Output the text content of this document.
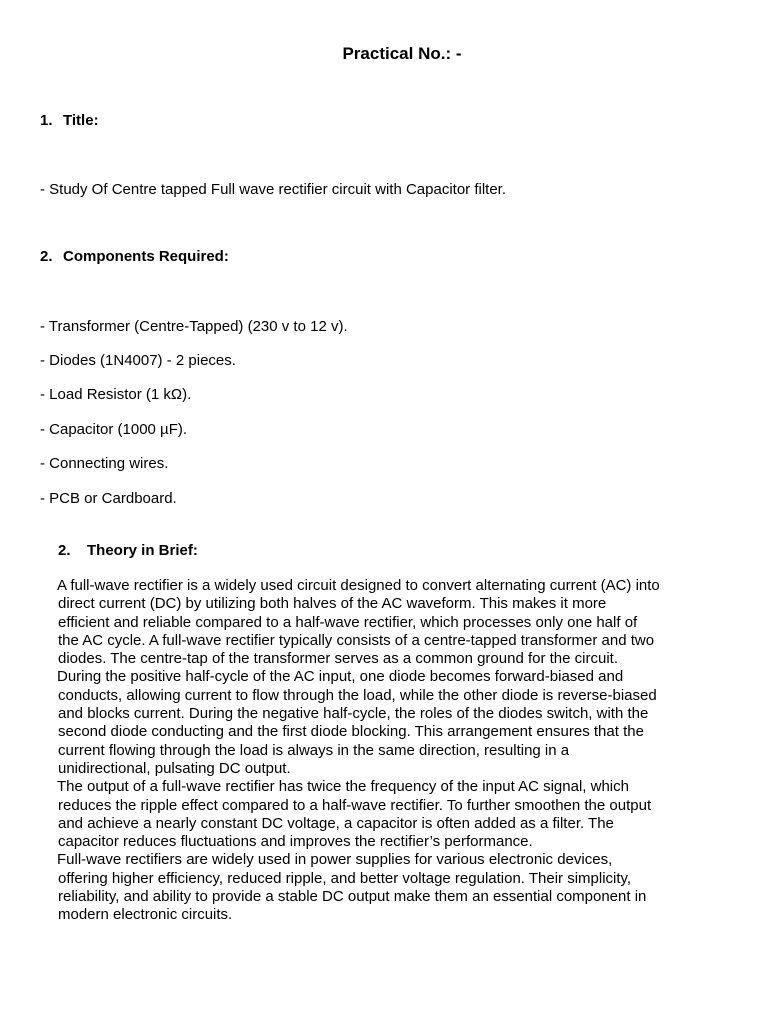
Practical No.: -
1. Title:
- Study Of Centre tapped Full wave rectifier circuit with Capacitor filter.
2. Components Required:
- Transformer (Centre-Tapped) (230 v to 12 v).
- Diodes (1N4007) - 2 pieces.
- Load Resistor (1 kΩ).
- Capacitor (1000 µF).
- Connecting wires.
- PCB or Cardboard.
2. Theory in Brief:

A full-wave rectifier is a widely used circuit designed to convert alternating current (AC) into

direct current (DC) by utilizing both halves of the AC waveform. This makes it more

efficient and reliable compared to a half-wave rectifier, which processes only one half of

the AC cycle. A full-wave rectifier typically consists of a centre-tapped transformer and two

diodes. The centre-tap of the transformer serves as a common ground for the circuit.

During the positive half-cycle of the AC input, one diode becomes forward-biased and

conducts, allowing current to flow through the load, while the other diode is reverse-biased

and blocks current. During the negative half-cycle, the roles of the diodes switch, with the

second diode conducting and the first diode blocking. This arrangement ensures that the

current flowing through the load is always in the same direction, resulting in a

unidirectional, pulsating DC output.

The output of a full-wave rectifier has twice the frequency of the input AC signal, which

reduces the ripple effect compared to a half-wave rectifier. To further smoothen the output

and achieve a nearly constant DC voltage, a capacitor is often added as a filter. The

capacitor reduces fluctuations and improves the rectifier’s performance.

Full-wave rectifiers are widely used in power supplies for various electronic devices,

offering higher efficiency, reduced ripple, and better voltage regulation. Their simplicity,

reliability, and ability to provide a stable DC output make them an essential component in

modern electronic circuits.
